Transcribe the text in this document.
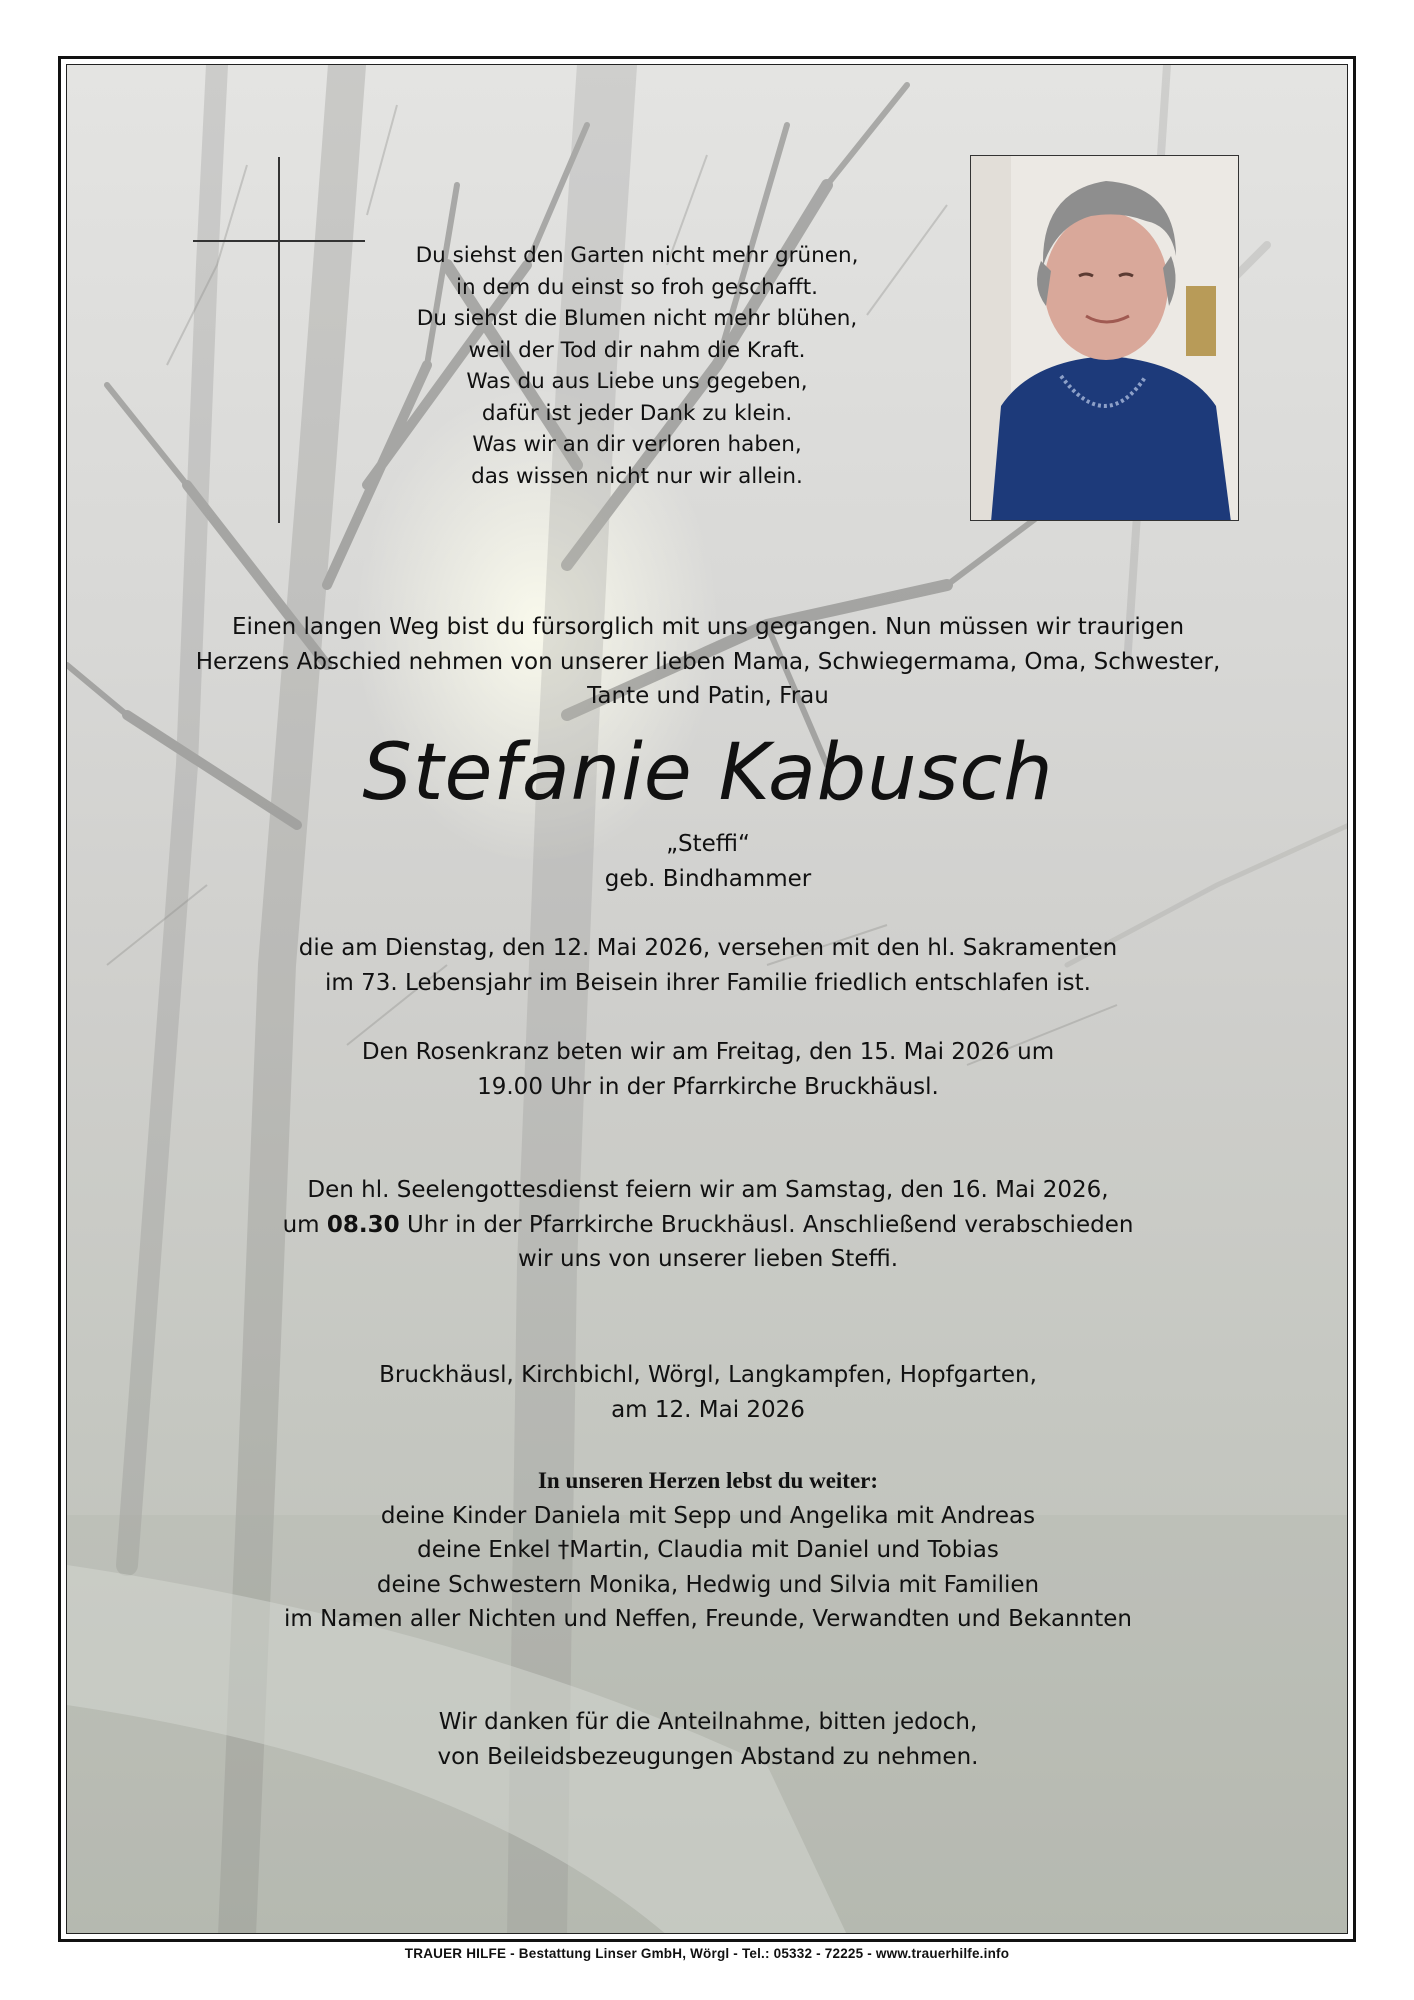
Du siehst den Garten nicht mehr grünen,
in dem du einst so froh geschafft.
Du siehst die Blumen nicht mehr blühen,
weil der Tod dir nahm die Kraft.
Was du aus Liebe uns gegeben,
dafür ist jeder Dank zu klein.
Was wir an dir verloren haben,
das wissen nicht nur wir allein.
Einen langen Weg bist du fürsorglich mit uns gegangen. Nun müssen wir traurigen
Herzens Abschied nehmen von unserer lieben Mama, Schwiegermama, Oma, Schwester,
Tante und Patin, Frau
Stefanie Kabusch
„Steffi“
geb. Bindhammer
die am Dienstag, den 12. Mai 2026, versehen mit den hl. Sakramenten
im 73. Lebensjahr im Beisein ihrer Familie friedlich entschlafen ist.
Den Rosenkranz beten wir am Freitag, den 15. Mai 2026 um
19.00 Uhr in der Pfarrkirche Bruckhäusl.
Den hl. Seelengottesdienst feiern wir am Samstag, den 16. Mai 2026,
um 08.30 Uhr in der Pfarrkirche Bruckhäusl. Anschließend verabschieden
wir uns von unserer lieben Steffi.
Bruckhäusl, Kirchbichl, Wörgl, Langkampfen, Hopfgarten,
am 12. Mai 2026
In unseren Herzen lebst du weiter:
deine Kinder Daniela mit Sepp und Angelika mit Andreas
deine Enkel †Martin, Claudia mit Daniel und Tobias
deine Schwestern Monika, Hedwig und Silvia mit Familien
im Namen aller Nichten und Neffen, Freunde, Verwandten und Bekannten
Wir danken für die Anteilnahme, bitten jedoch,
von Beileidsbezeugungen Abstand zu nehmen.
TRAUER HILFE - Bestattung Linser GmbH, Wörgl - Tel.: 05332 - 72225 - www.trauerhilfe.info
